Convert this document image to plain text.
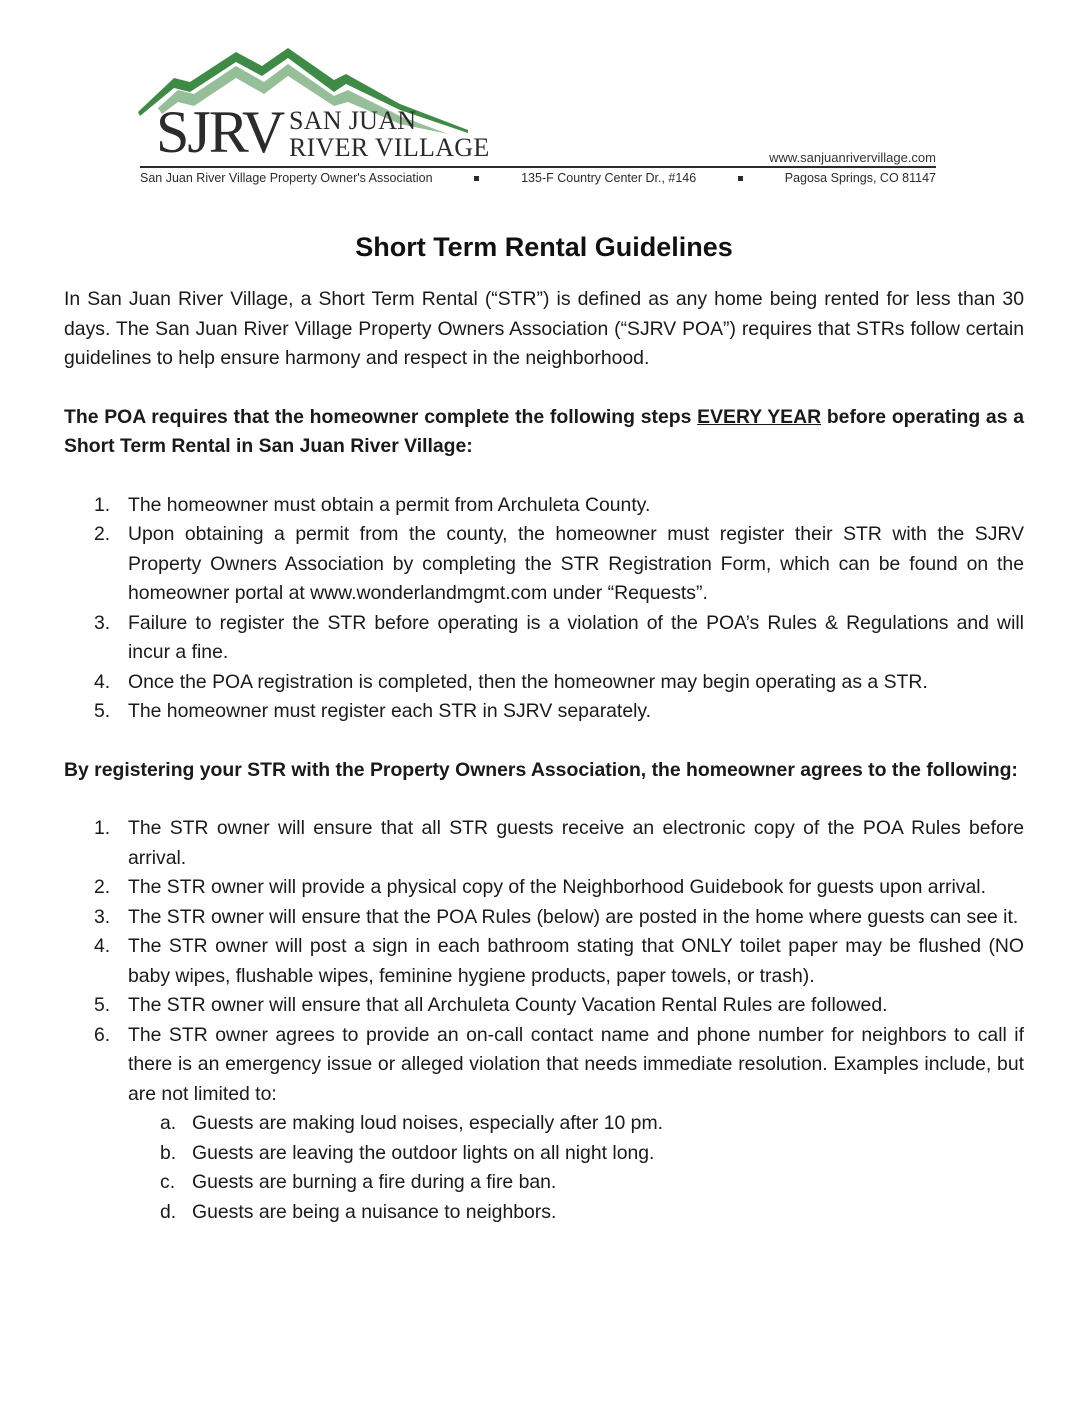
SJRV SAN JUAN
RIVER VILLAGE	www.sanjuanrivervillage.com
San Juan River Village Property Owner's Association	135-F Country Center Dr., #146	Pagosa Springs, CO 81147
Short Term Rental Guidelines

In San Juan River Village, a Short Term Rental (“STR”) is defined as any home being rented for less than 30 days. The San Juan River Village Property Owners Association (“SJRV POA”) requires that STRs follow certain guidelines to help ensure harmony and respect in the neighborhood.

The POA requires that the homeowner complete the following steps EVERY YEAR before operating as a Short Term Rental in San Juan River Village:

1. The homeowner must obtain a permit from Archuleta County.
2. Upon obtaining a permit from the county, the homeowner must register their STR with the SJRV Property Owners Association by completing the STR Registration Form, which can be found on the homeowner portal at www.wonderlandmgmt.com under “Requests”.
3. Failure to register the STR before operating is a violation of the POA’s Rules & Regulations and will incur a fine.
4. Once the POA registration is completed, then the homeowner may begin operating as a STR.
5. The homeowner must register each STR in SJRV separately.

By registering your STR with the Property Owners Association, the homeowner agrees to the following:

1. The STR owner will ensure that all STR guests receive an electronic copy of the POA Rules before arrival.
2. The STR owner will provide a physical copy of the Neighborhood Guidebook for guests upon arrival.
3. The STR owner will ensure that the POA Rules (below) are posted in the home where guests can see it.
4. The STR owner will post a sign in each bathroom stating that ONLY toilet paper may be flushed (NO baby wipes, flushable wipes, feminine hygiene products, paper towels, or trash).
5. The STR owner will ensure that all Archuleta County Vacation Rental Rules are followed.
6. The STR owner agrees to provide an on-call contact name and phone number for neighbors to call if there is an emergency issue or alleged violation that needs immediate resolution. Examples include, but are not limited to:
a. Guests are making loud noises, especially after 10 pm.
b. Guests are leaving the outdoor lights on all night long.
c. Guests are burning a fire during a fire ban.
d. Guests are being a nuisance to neighbors.
